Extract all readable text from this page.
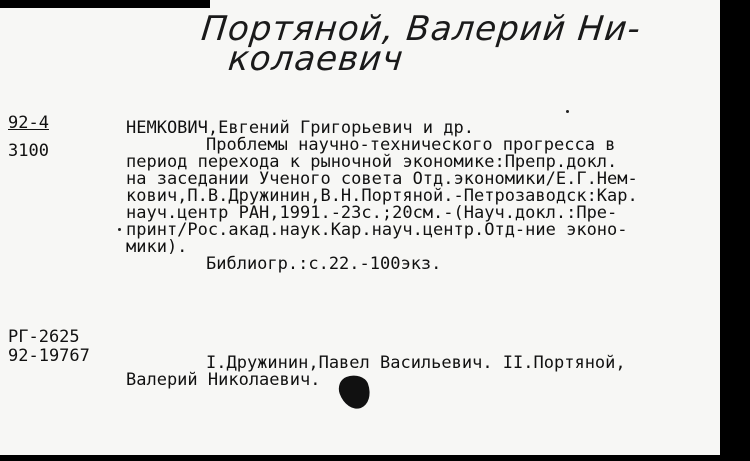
Портяной, Валерий Ни-
колаевич
92-4
3100
НЕМКОВИЧ,Евгений Григорьевич и др.
Проблемы научно-технического прогресса в
период перехода к рыночной экономике:Препр.докл.
на заседании Ученого совета Отд.экономики/Е.Г.Нем-
кович,П.В.Дружинин,В.Н.Портяной.-Петрозаводск:Кар.
науч.центр РАН,1991.-23с.;20см.-(Науч.докл.:Пре-
принт/Рос.акад.наук.Кар.науч.центр.Отд-ние эконо-
мики).
Библиогр.:с.22.-100экз.
РГ-2625
92-19767	I.Дружинин,Павел Васильевич. II.Портяной,
Валерий Николаевич.
